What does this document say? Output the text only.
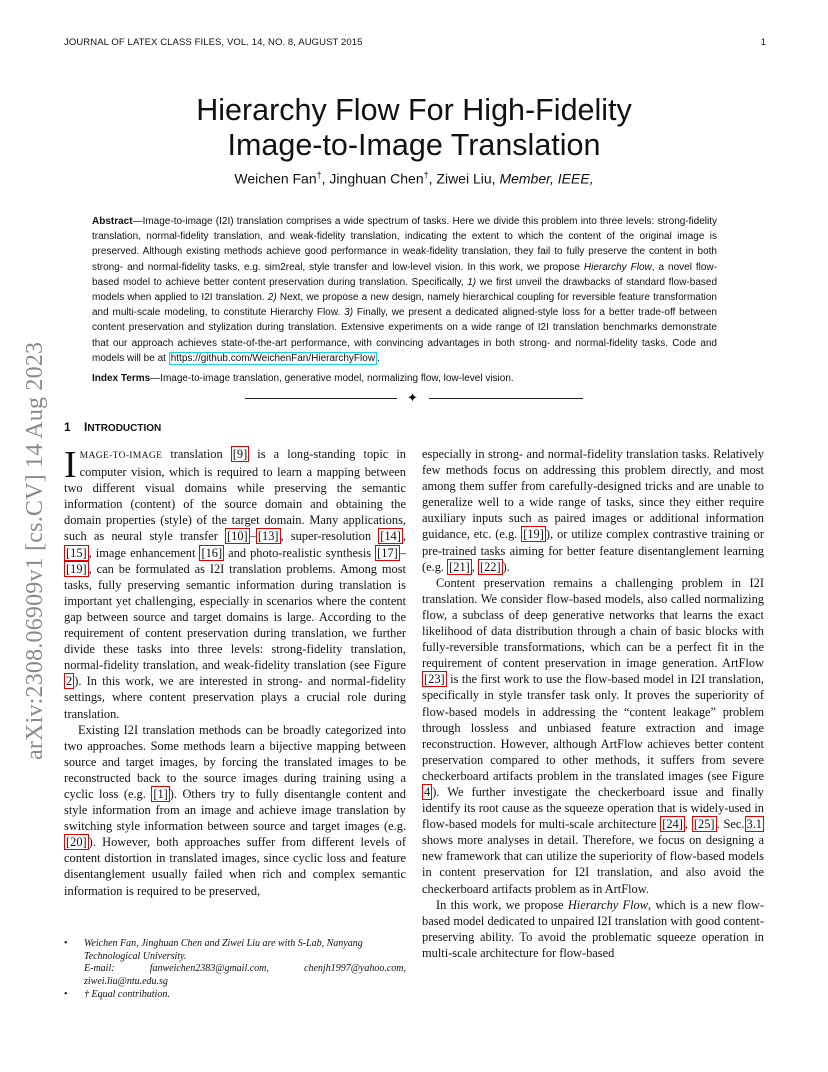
JOURNAL OF LATEX CLASS FILES, VOL. 14, NO. 8, AUGUST 2015	1
arXiv:2308.06909v1 [cs.CV] 14 Aug 2023
Hierarchy Flow For High-Fidelity
Image-to-Image Translation
Weichen Fan†, Jinghuan Chen†, Ziwei Liu, Member, IEEE,
Abstract—Image-to-image (I2I) translation comprises a wide spectrum of tasks. Here we divide this problem into three levels: strong-fidelity translation, normal-fidelity translation, and weak-fidelity translation, indicating the extent to which the content of the original image is preserved. Although existing methods achieve good performance in weak-fidelity translation, they fail to fully preserve the content in both strong- and normal-fidelity tasks, e.g. sim2real, style transfer and low-level vision. In this work, we propose Hierarchy Flow, a novel flow-based model to achieve better content preservation during translation. Specifically, 1) we first unveil the drawbacks of standard flow-based models when applied to I2I translation. 2) Next, we propose a new design, namely hierarchical coupling for reversible feature transformation and multi-scale modeling, to constitute Hierarchy Flow. 3) Finally, we present a dedicated aligned-style loss for a better trade-off between content preservation and stylization during translation. Extensive experiments on a wide range of I2I translation benchmarks demonstrate that our approach achieves state-of-the-art performance, with convincing advantages in both strong- and normal-fidelity tasks. Code and models will be at https://github.com/WeichenFan/HierarchyFlow .
Index Terms—Image-to-image translation, generative model, normalizing flow, low-level vision.
✦
1 INTRODUCTION

IMAGE-TO-IMAGE translation [9] is a long-standing topic in computer vision, which is required to learn a mapping between two different visual domains while preserving the semantic information (content) of the source domain and obtaining the domain properties (style) of the target domain. Many applications, such as neural style transfer [10] – [13] , super-resolution [14] , [15] , image enhancement [16] and photo-realistic synthesis [17] –[19] , can be formulated as I2I translation problems. Among most tasks, fully preserving semantic information during translation is important yet challenging, especially in scenarios where the content gap between source and target domains is large. According to the requirement of content preservation during translation, we further divide these tasks into three levels: strong-fidelity translation, normal-fidelity translation, and weak-fidelity translation (see Figure 2 ). In this work, we are interested in strong- and normal-fidelity settings, where content preservation plays a crucial role during translation.

Existing I2I translation methods can be broadly categorized into two approaches. Some methods learn a bijective mapping between source and target images, by forcing the translated images to be reconstructed back to the source images during training using a cyclic loss (e.g. [1] ). Others try to fully disentangle content and style information from an image and achieve image translation by switching style information between source and target images (e.g. [20] ). However, both approaches suffer from different levels of content distortion in translated images, since cyclic loss and feature disentanglement usually failed when rich and complex semantic information is required to be preserved,

especially in strong- and normal-fidelity translation tasks. Relatively few methods focus on addressing this problem directly, and most among them suffer from carefully-designed tricks and are unable to generalize well to a wide range of tasks, since they either require auxiliary inputs such as paired images or additional information guidance, etc. (e.g. [19] ), or utilize complex contrastive training or pre-trained tasks aiming for better feature disentanglement learning (e.g. [21] , [22] ).

Content preservation remains a challenging problem in I2I translation. We consider flow-based models, also called normalizing flow, a subclass of deep generative networks that learns the exact likelihood of data distribution through a chain of basic blocks with fully-reversible transformations, which can be a perfect fit in the requirement of content preservation in image generation. ArtFlow [23] is the first work to use the flow-based model in I2I translation, specifically in style transfer task only. It proves the superiority of flow-based models in addressing the “content leakage” problem through lossless and unbiased feature extraction and image reconstruction. However, although ArtFlow achieves better content preservation compared to other methods, it suffers from severe checkerboard artifacts problem in the translated images (see Figure 4 ). We further investigate the checkerboard issue and finally identify its root cause as the squeeze operation that is widely-used in flow-based models for multi-scale architecture [24] , [25] . Sec. 3.1 shows more analyses in detail. Therefore, we focus on designing a new framework that can utilize the superiority of flow-based models in content preservation for I2I translation, and also avoid the checkerboard artifacts problem as in ArtFlow.

In this work, we propose Hierarchy Flow, which is a new flow-based model dedicated to unpaired I2I translation with good content-preserving ability. To avoid the problematic squeeze operation in multi-scale architecture for flow-based

• Weichen Fan, Jinghuan Chen and Ziwei Liu are with S-Lab, Nanyang Technological University.
E-mail:	fanweichen2383@gmail.com,	chenjh1997@yahoo.com,
ziwei.liu@ntu.edu.sg
• † Equal contribution.
